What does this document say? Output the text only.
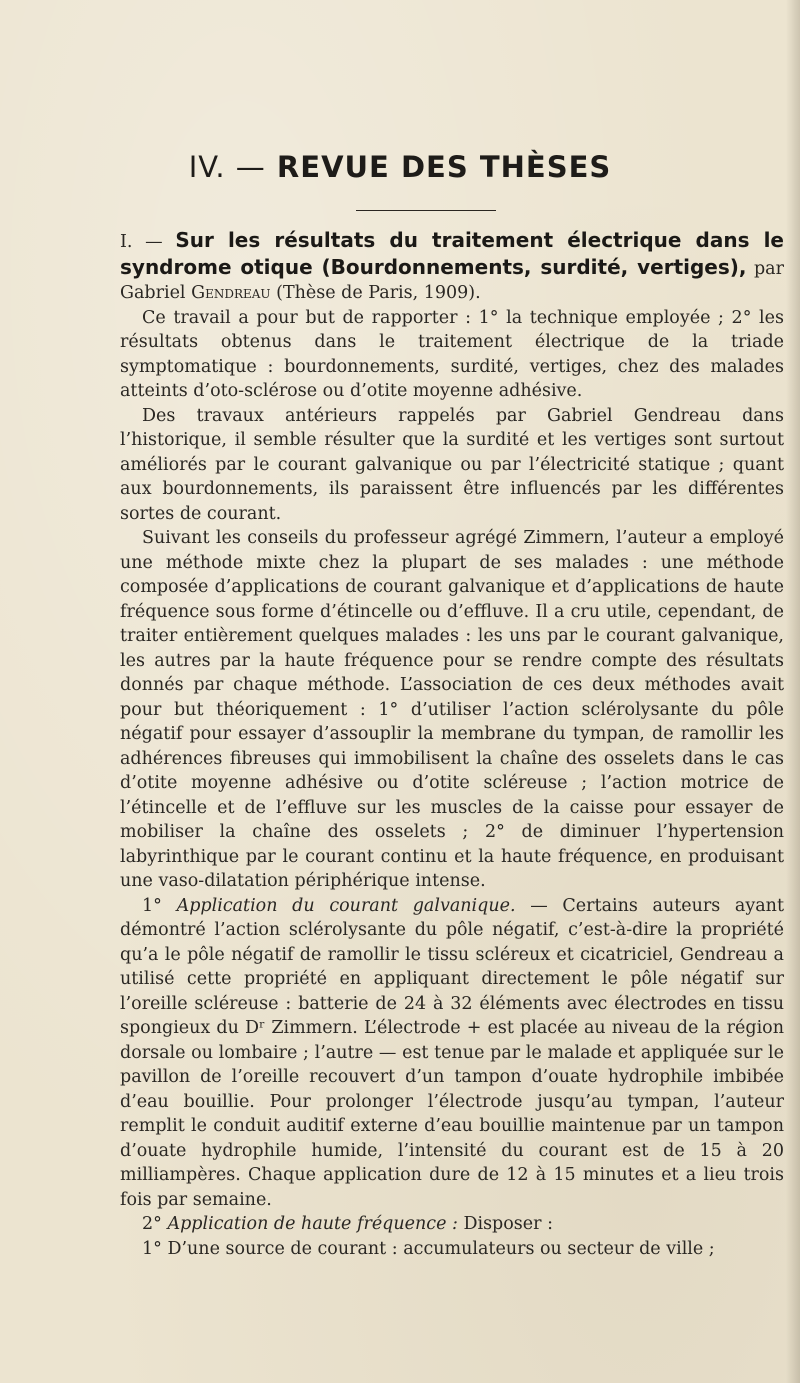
IV. — REVUE DES THÈSES

I. — Sur les résultats du traitement électrique dans le syndrome otique (Bourdonnements, surdité, vertiges), par Gabriel Gendreau (Thèse de Paris, 1909).

Ce travail a pour but de rapporter : 1° la technique employée ; 2° les résultats obtenus dans le traitement électrique de la triade symptomatique : bourdonnements, surdité, vertiges, chez des malades atteints d’oto-sclérose ou d’otite moyenne adhésive.

Des travaux antérieurs rappelés par Gabriel Gendreau dans l’historique, il semble résulter que la surdité et les vertiges sont surtout améliorés par le courant galvanique ou par l’électricité statique ; quant aux bourdonnements, ils paraissent être influencés par les différentes sortes de courant.

Suivant les conseils du professeur agrégé Zimmern, l’auteur a employé une méthode mixte chez la plupart de ses malades : une méthode composée d’applications de courant galvanique et d’applications de haute fréquence sous forme d’étincelle ou d’effluve. Il a cru utile, cependant, de traiter entièrement quelques malades : les uns par le courant galvanique, les autres par la haute fréquence pour se rendre compte des résultats donnés par chaque méthode. L’association de ces deux méthodes avait pour but théoriquement : 1° d’utiliser l’action sclérolysante du pôle négatif pour essayer d’assouplir la membrane du tympan, de ramollir les adhérences fibreuses qui immobilisent la chaîne des osselets dans le cas d’otite moyenne adhésive ou d’otite scléreuse ; l’action motrice de l’étincelle et de l’effluve sur les muscles de la caisse pour essayer de mobiliser la chaîne des osselets ; 2° de diminuer l’hypertension labyrinthique par le courant continu et la haute fréquence, en produisant une vaso-dilatation périphérique intense.

1° Application du courant galvanique. — Certains auteurs ayant démontré l’action sclérolysante du pôle négatif, c’est-à-dire la propriété qu’a le pôle négatif de ramollir le tissu scléreux et cicatriciel, Gendreau a utilisé cette propriété en appliquant directement le pôle négatif sur l’oreille scléreuse : batterie de 24 à 32 éléments avec électrodes en tissu spongieux du Dʳ Zimmern. L’électrode + est placée au niveau de la région dorsale ou lombaire ; l’autre — est tenue par le malade et appliquée sur le pavillon de l’oreille recouvert d’un tampon d’ouate hydrophile imbibée d’eau bouillie. Pour prolonger l’électrode jusqu’au tympan, l’auteur remplit le conduit auditif externe d’eau bouillie maintenue par un tampon d’ouate hydrophile humide, l’intensité du courant est de 15 à 20 milliampères. Chaque application dure de 12 à 15 minutes et a lieu trois fois par semaine.

2° Application de haute fréquence : Disposer :

1° D’une source de courant : accumulateurs ou secteur de ville ;
